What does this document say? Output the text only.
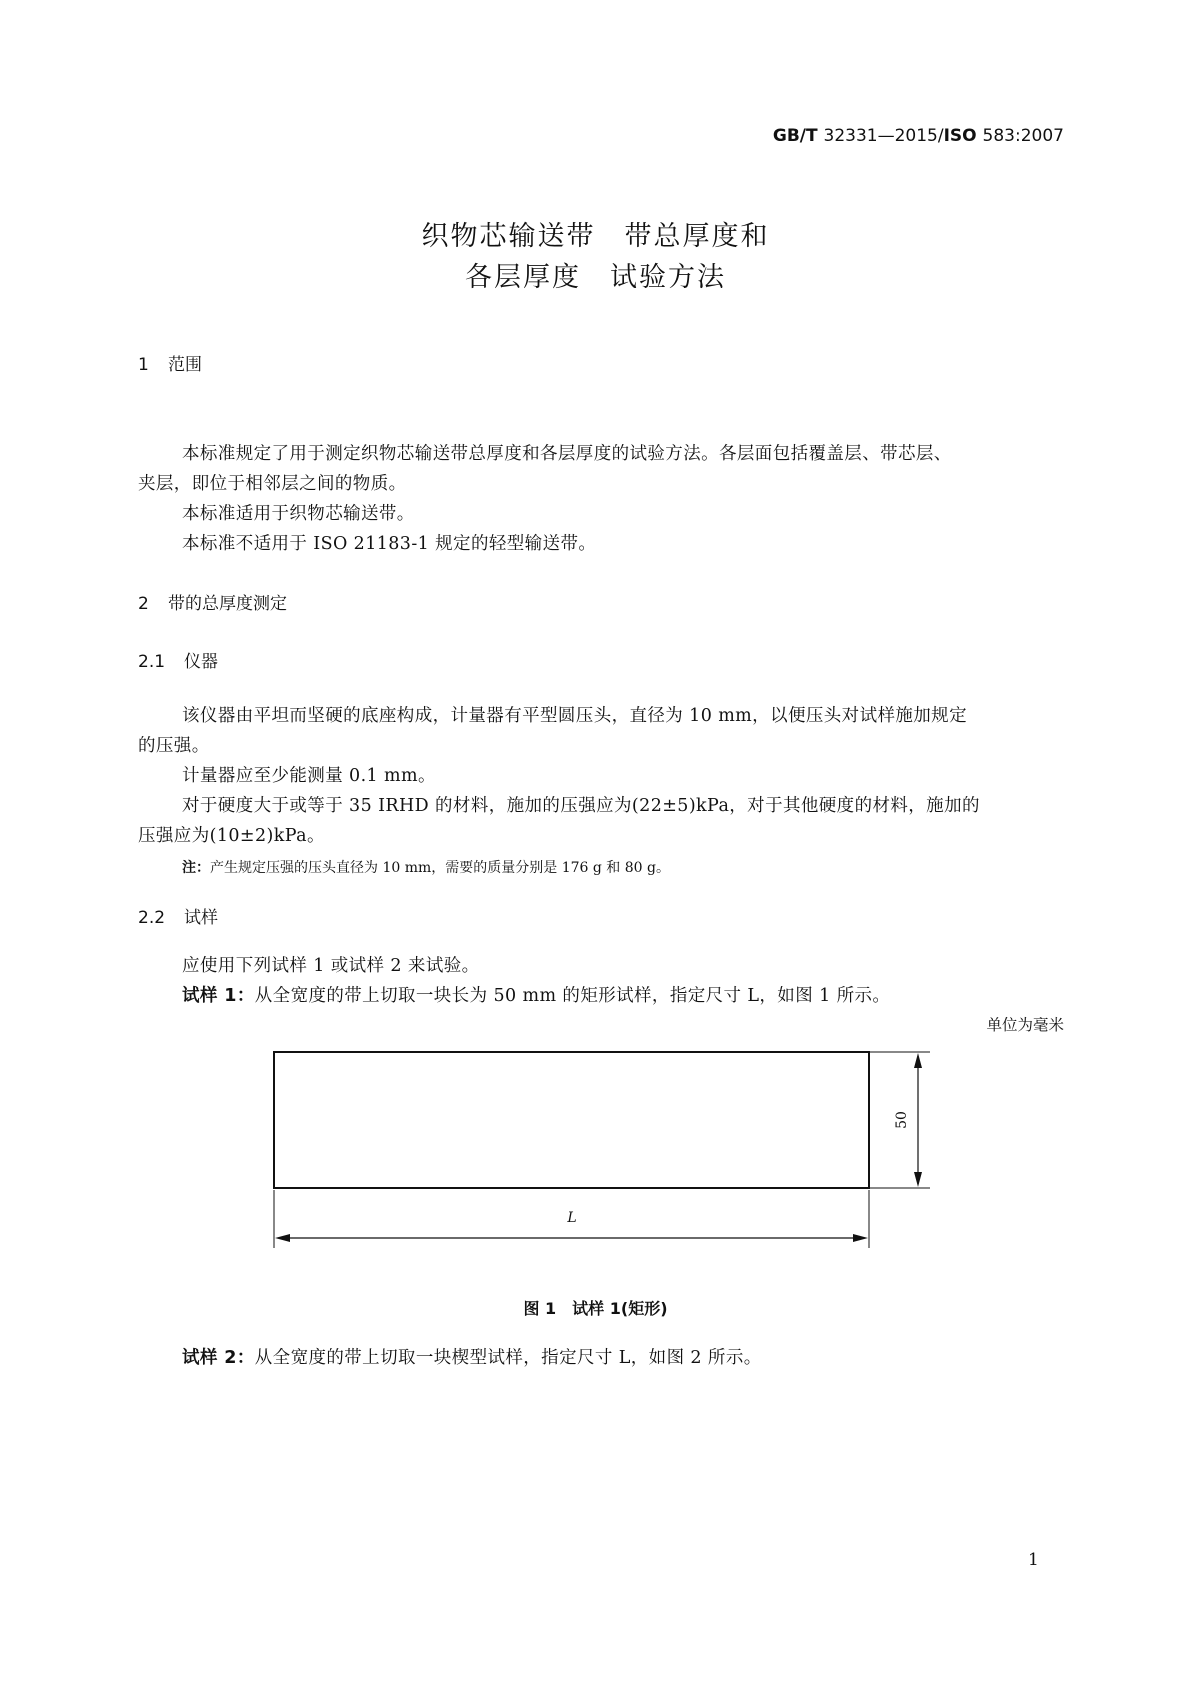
GB/T 32331—2015/ISO 583:2007
织物芯输送带　带总厚度和
各层厚度　试验方法
1 范围
本标准规定了用于测定织物芯输送带总厚度和各层厚度的试验方法。各层面包括覆盖层、带芯层、
夹层，即位于相邻层之间的物质。
本标准适用于织物芯输送带。
本标准不适用于 ISO 21183-1 规定的轻型输送带。
2 带的总厚度测定
2.1 仪器
该仪器由平坦而坚硬的底座构成，计量器有平型圆压头，直径为 10 mm，以便压头对试样施加规定
的压强。
计量器应至少能测量 0.1 mm。
对于硬度大于或等于 35 IRHD 的材料，施加的压强应为(22±5)kPa，对于其他硬度的材料，施加的
压强应为(10±2)kPa。
注：产生规定压强的压头直径为 10 mm，需要的质量分别是 176 g 和 80 g。
2.2 试样
应使用下列试样 1 或试样 2 来试验。
试样 1：从全宽度的带上切取一块长为 50 mm 的矩形试样，指定尺寸 L，如图 1 所示。
单位为毫米
50
L
图 1　试样 1(矩形)
试样 2：从全宽度的带上切取一块楔型试样，指定尺寸 L，如图 2 所示。
1
